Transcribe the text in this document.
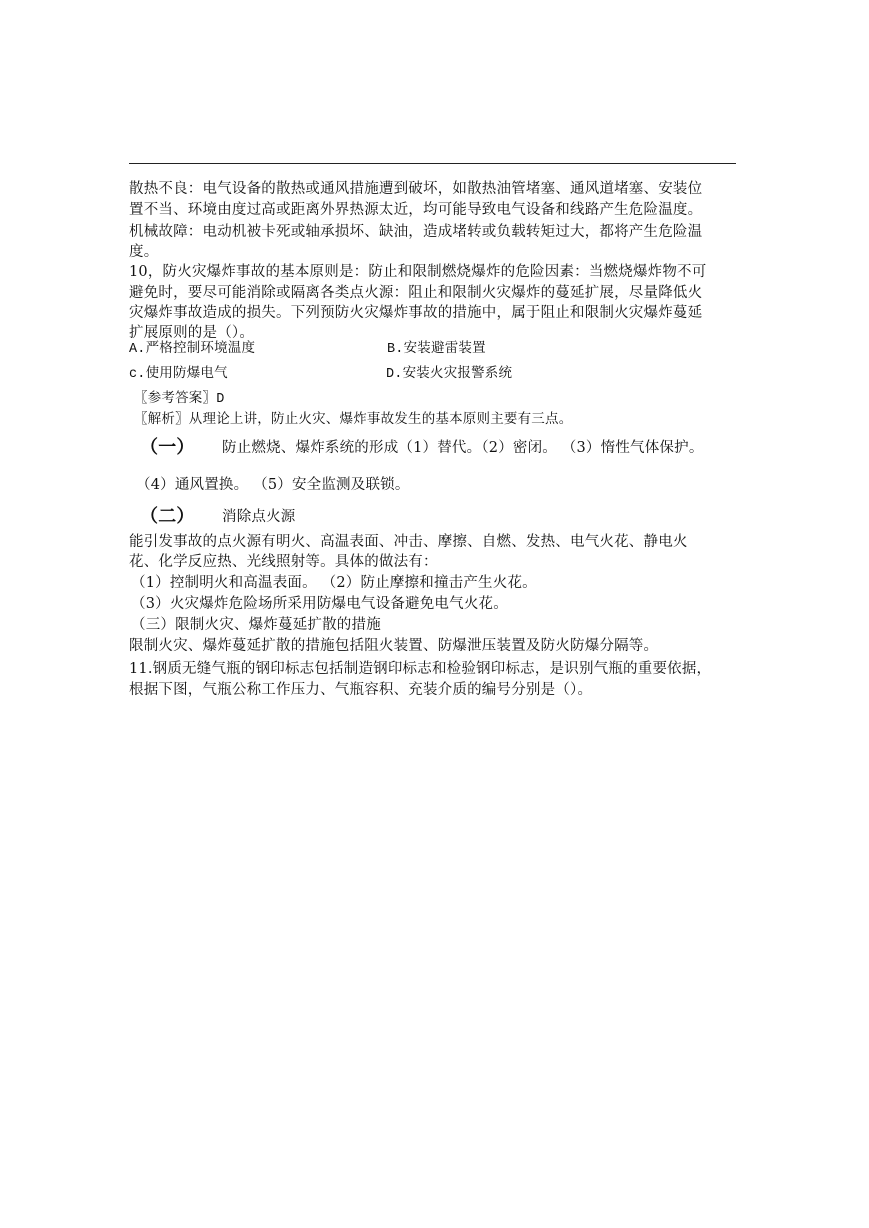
散热不良：电气设备的散热或通风措施遭到破坏，如散热油管堵塞、通风道堵塞、安装位
置不当、环境由度过高或距离外界热源太近，均可能导致电气设备和线路产生危险温度。
机械故障：电动机被卡死或轴承损坏、缺油，造成堵转或负载转矩过大，都将产生危险温
度。
10，防火灾爆炸事故的基本原则是：防止和限制燃烧爆炸的危险因素：当燃烧爆炸物不可
避免时，要尽可能消除或隔离各类点火源：阻止和限制火灾爆炸的蔓延扩展，尽量降低火
灾爆炸事故造成的损失。下列预防火灾爆炸事故的措施中，属于阻止和限制火灾爆炸蔓延
扩展原则的是（）。
A.严格控制环境温度	B.安装避雷装置
c.使用防爆电气	D.安装火灾报警系统
〖参考答案〗D
〖解析〗从理论上讲，防止火灾、爆炸事故发生的基本原则主要有三点。
（一） 防止燃烧、爆炸系统的形成（1）替代。（2）密闭。 （3）惰性气体保护。
（4）通风置换。 （5）安全监测及联锁。
（二） 消除点火源
能引发事故的点火源有明火、高温表面、冲击、摩擦、自燃、发热、电气火花、静电火
花、化学反应热、光线照射等。具体的做法有：
（1）控制明火和高温表面。 （2）防止摩擦和撞击产生火花。
（3）火灾爆炸危险场所采用防爆电气设备避免电气火花。
（三）限制火灾、爆炸蔓延扩散的措施
限制火灾、爆炸蔓延扩散的措施包括阻火装置、防爆泄压装置及防火防爆分隔等。
11.钢质无缝气瓶的钢印标志包括制造钢印标志和检验钢印标志，是识别气瓶的重要依据，
根据下图，气瓶公称工作压力、气瓶容积、充装介质的编号分别是（）。
